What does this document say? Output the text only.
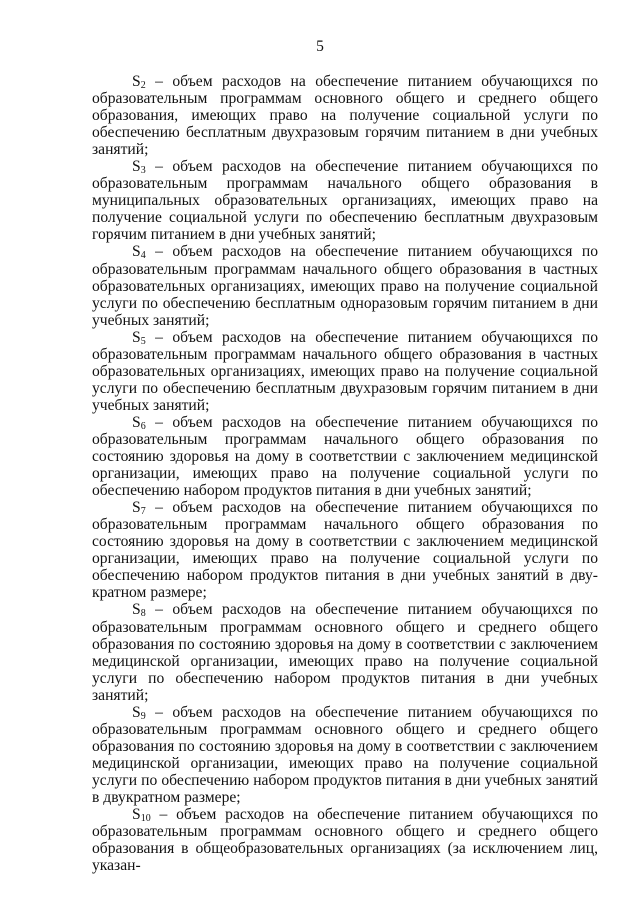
5

$S_2$ – объем расходов на обеспечение питанием обучающихся по образовательным программам основного общего и среднего общего образования, имеющих право на получение социальной услуги по обеспечению бесплатным двухразовым горячим питанием в дни учебных занятий;

$S_3$ – объем расходов на обеспечение питанием обучающихся по образовательным программам начального общего образования в муниципальных образовательных организациях, имеющих право на получение социальной услуги по обеспечению бесплатным двухразовым горячим питанием в дни учебных занятий;

$S_4$ – объем расходов на обеспечение питанием обучающихся по образовательным программам начального общего образования в частных образовательных организациях, имеющих право на получение социальной услуги по обеспечению бесплатным одноразовым горячим питанием в дни учебных занятий;

$S_5$ – объем расходов на обеспечение питанием обучающихся по образовательным программам начального общего образования в частных образовательных организациях, имеющих право на получение социальной услуги по обеспечению бесплатным двухразовым горячим питанием в дни учебных занятий;

$S_6$ – объем расходов на обеспечение питанием обучающихся по образовательным программам начального общего образования по состоянию здоровья на дому в соответствии с заключением медицинской организации, имеющих право на получение социальной услуги по обеспечению набором продуктов питания в дни учебных занятий;

$S_7$ – объем расходов на обеспечение питанием обучающихся по образовательным программам начального общего образования по состоянию здоровья на дому в соответствии с заключением медицинской организации, имеющих право на получение социальной услуги по обеспечению набором продуктов питания в дни учебных занятий в двукратном размере;

$S_8$ – объем расходов на обеспечение питанием обучающихся по образовательным программам основного общего и среднего общего образования по состоянию здоровья на дому в соответствии с заключением медицинской организации, имеющих право на получение социальной услуги по обеспечению набором продуктов питания в дни учебных занятий;

$S_9$ – объем расходов на обеспечение питанием обучающихся по образовательным программам основного общего и среднего общего образования по состоянию здоровья на дому в соответствии с заключением медицинской организации, имеющих право на получение социальной услуги по обеспечению набором продуктов питания в дни учебных занятий в двукратном размере;

$S_{10}$ – объем расходов на обеспечение питанием обучающихся по образовательным программам основного общего и среднего общего образования в общеобразовательных организациях (за исключением лиц, указан-
